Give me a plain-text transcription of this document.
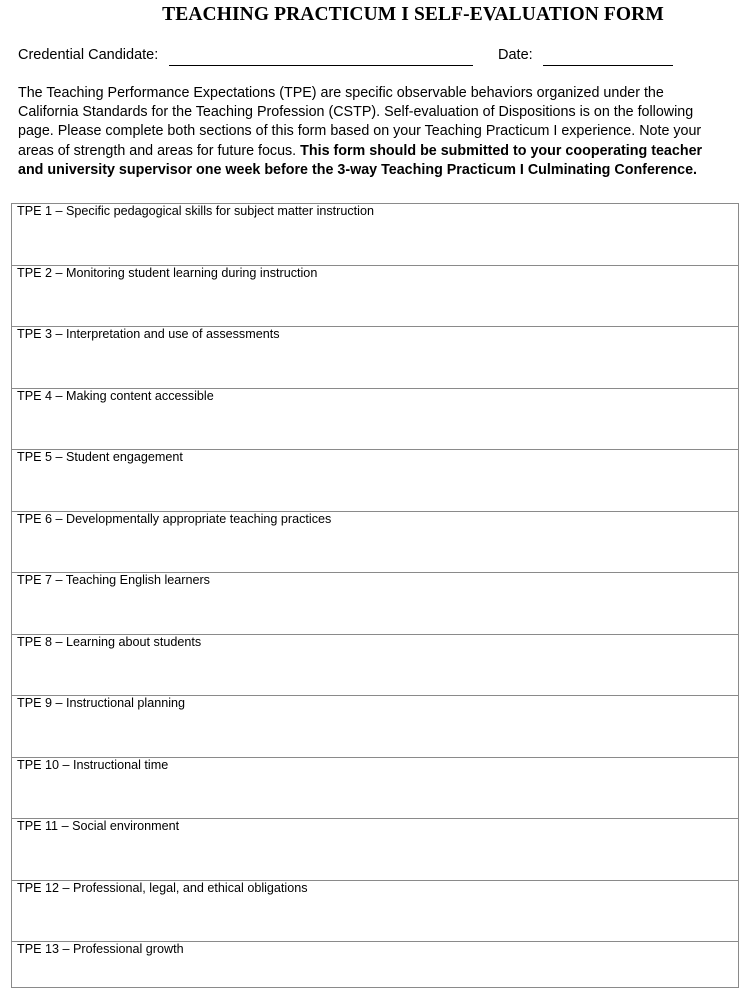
TEACHING PRACTICUM I SELF-EVALUATION FORM
Credential Candidate:	Date:
The Teaching Performance Expectations (TPE) are specific observable behaviors organized under the California Standards for the Teaching Profession (CSTP). Self-evaluation of Dispositions is on the following page. Please complete both sections of this form based on your Teaching Practicum I experience. Note your areas of strength and areas for future focus. This form should be submitted to your cooperating teacher and university supervisor one week before the 3-way Teaching Practicum I Culminating Conference.
TPE 1 – Specific pedagogical skills for subject matter instruction
TPE 2 – Monitoring student learning during instruction
TPE 3 – Interpretation and use of assessments
TPE 4 – Making content accessible
TPE 5 – Student engagement
TPE 6 – Developmentally appropriate teaching practices
TPE 7 – Teaching English learners
TPE 8 – Learning about students
TPE 9 – Instructional planning
TPE 10 – Instructional time
TPE 11 – Social environment
TPE 12 – Professional, legal, and ethical obligations
TPE 13 – Professional growth
